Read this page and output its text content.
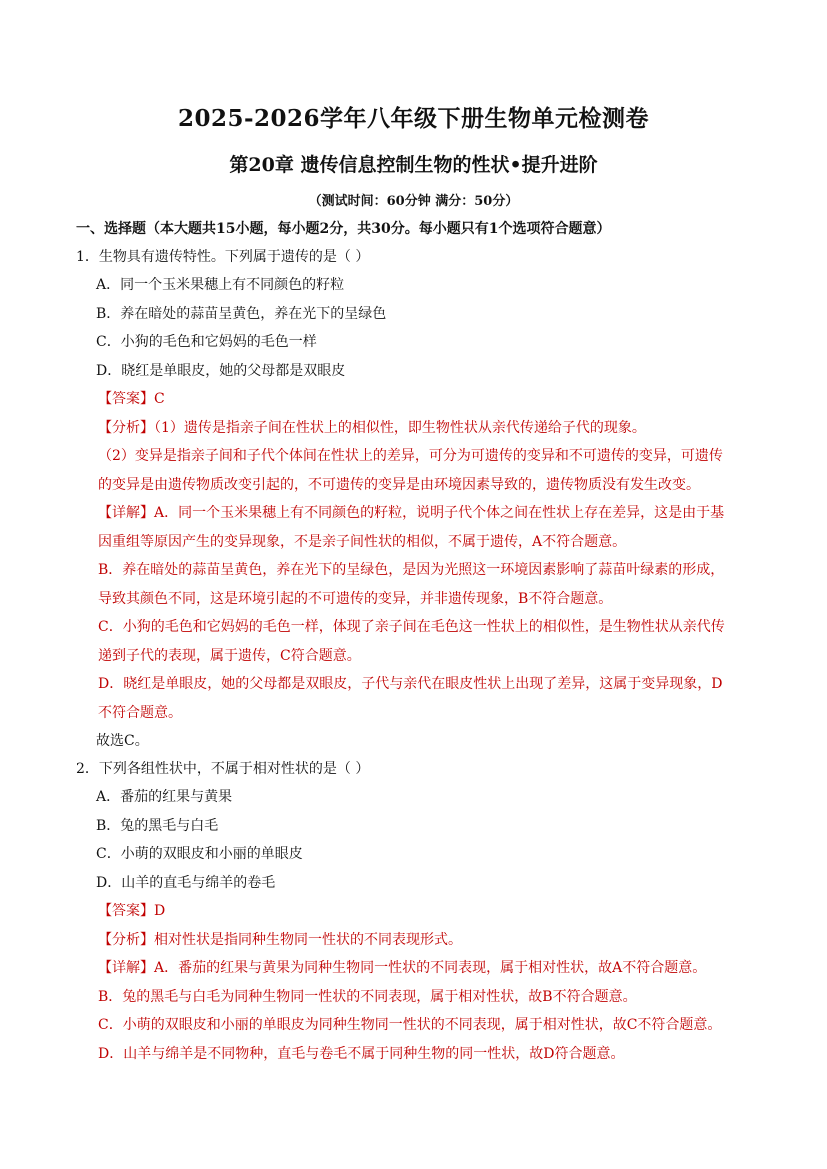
2025-2026学年八年级下册生物单元检测卷
第20章 遗传信息控制生物的性状•提升进阶
（测试时间：60分钟 满分：50分）
一、选择题（本大题共15小题，每小题2分，共30分。每小题只有1个选项符合题意）
1．生物具有遗传特性。下列属于遗传的是（ ）
A．同一个玉米果穗上有不同颜色的籽粒
B．养在暗处的蒜苗呈黄色，养在光下的呈绿色
C．小狗的毛色和它妈妈的毛色一样
D．晓红是单眼皮，她的父母都是双眼皮
【答案】C
【分析】（1）遗传是指亲子间在性状上的相似性，即生物性状从亲代传递给子代的现象。
（2）变异是指亲子间和子代个体间在性状上的差异，可分为可遗传的变异和不可遗传的变异，可遗传
的变异是由遗传物质改变引起的，不可遗传的变异是由环境因素导致的，遗传物质没有发生改变。
【详解】A．同一个玉米果穗上有不同颜色的籽粒，说明子代个体之间在性状上存在差异，这是由于基
因重组等原因产生的变异现象，不是亲子间性状的相似，不属于遗传，A不符合题意。
B．养在暗处的蒜苗呈黄色，养在光下的呈绿色，是因为光照这一环境因素影响了蒜苗叶绿素的形成，
导致其颜色不同，这是环境引起的不可遗传的变异，并非遗传现象，B不符合题意。
C．小狗的毛色和它妈妈的毛色一样，体现了亲子间在毛色这一性状上的相似性，是生物性状从亲代传
递到子代的表现，属于遗传，C符合题意。
D．晓红是单眼皮，她的父母都是双眼皮，子代与亲代在眼皮性状上出现了差异，这属于变异现象，D
不符合题意。
故选C。
2．下列各组性状中，不属于相对性状的是（ ）
A．番茄的红果与黄果
B．兔的黑毛与白毛
C．小萌的双眼皮和小丽的单眼皮
D．山羊的直毛与绵羊的卷毛
【答案】D
【分析】相对性状是指同种生物同一性状的不同表现形式。
【详解】A．番茄的红果与黄果为同种生物同一性状的不同表现，属于相对性状，故A不符合题意。
B．兔的黑毛与白毛为同种生物同一性状的不同表现，属于相对性状，故B不符合题意。
C．小萌的双眼皮和小丽的单眼皮为同种生物同一性状的不同表现，属于相对性状，故C不符合题意。
D．山羊与绵羊是不同物种，直毛与卷毛不属于同种生物的同一性状，故D符合题意。
